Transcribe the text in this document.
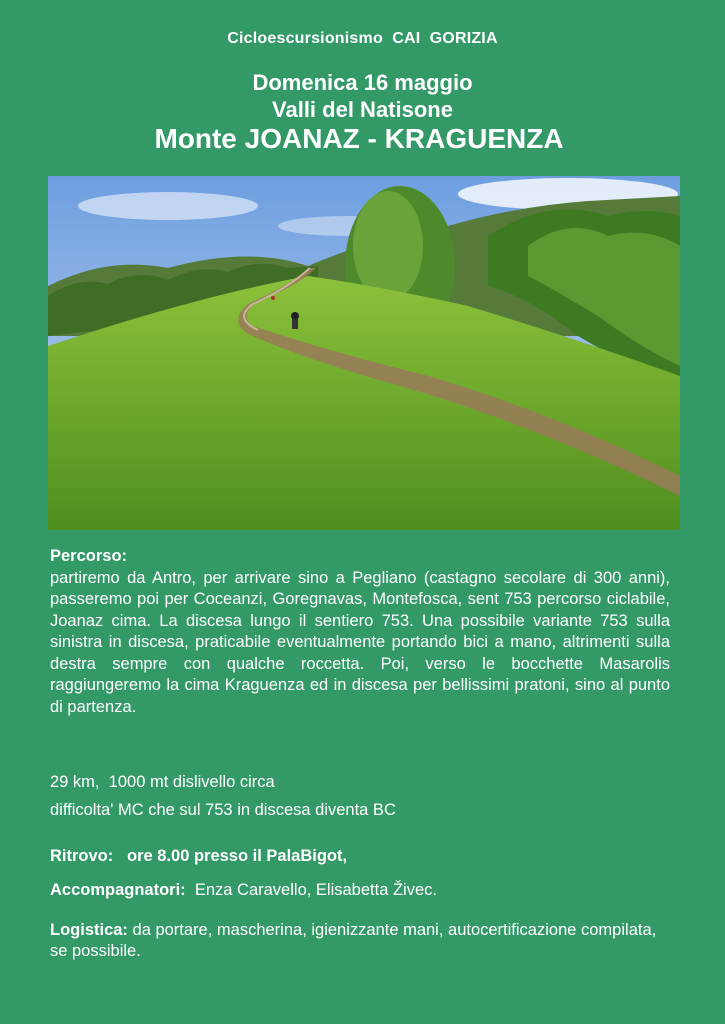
Cicloescursionismo  CAI  GORIZIA
Domenica 16 maggio
Valli del Natisone
Monte JOANAZ - KRAGUENZA
Percorso:
partiremo da Antro, per arrivare sino a Pegliano (castagno secolare di 300 anni), passeremo poi per Coceanzi, Goregnavas, Montefosca, sent 753 percorso ciclabile, Joanaz cima. La discesa lungo il sentiero 753. Una possibile variante 753 sulla sinistra in discesa, praticabile eventualmente portando bici a mano, altrimenti sulla destra sempre con qualche roccetta. Poi, verso le bocchette Masarolis raggiungeremo la cima Kraguenza ed in discesa per bellissimi pratoni, sino al punto di partenza.
29 km,  1000 mt dislivello circa
difficolta' MC che sul 753 in discesa diventa BC
Ritrovo:   ore 8.00 presso il PalaBigot,
Accompagnatori:  Enza Caravello, Elisabetta Živec.
Logistica: da portare, mascherina, igienizzante mani, autocertificazione compilata, se possibile.
